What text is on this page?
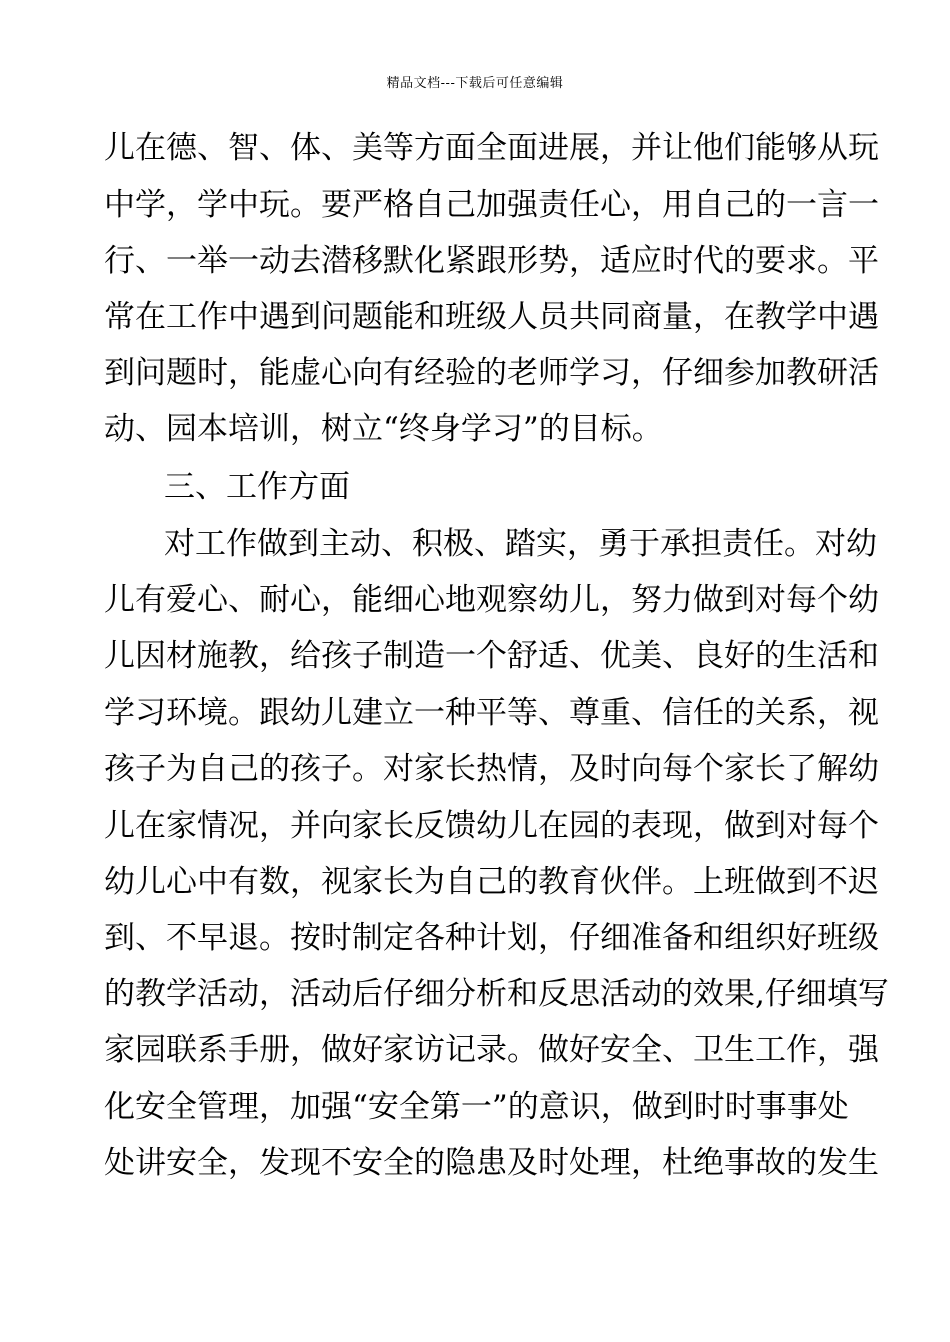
精品文档---下载后可任意编辑
儿在德、智、体、美等方面全面进展，并让他们能够从玩
中学，学中玩。要严格自己加强责任心，用自己的一言一
行、一举一动去潜移默化紧跟形势，适应时代的要求。平
常在工作中遇到问题能和班级人员共同商量，在教学中遇
到问题时，能虚心向有经验的老师学习，仔细参加教研活
动、园本培训，树立“终身学习”的目标。
三、工作方面
对工作做到主动、积极、踏实，勇于承担责任。对幼
儿有爱心、耐心，能细心地观察幼儿，努力做到对每个幼
儿因材施教，给孩子制造一个舒适、优美、良好的生活和
学习环境。跟幼儿建立一种平等、尊重、信任的关系，视
孩子为自己的孩子。对家长热情，及时向每个家长了解幼
儿在家情况，并向家长反馈幼儿在园的表现，做到对每个
幼儿心中有数，视家长为自己的教育伙伴。上班做到不迟
到、不早退。按时制定各种计划，仔细准备和组织好班级
的教学活动，活动后仔细分析和反思活动的效果,仔细填写
家园联系手册，做好家访记录。做好安全、卫生工作，强
化安全管理，加强“安全第一”的意识，做到时时事事处
处讲安全，发现不安全的隐患及时处理，杜绝事故的发生
